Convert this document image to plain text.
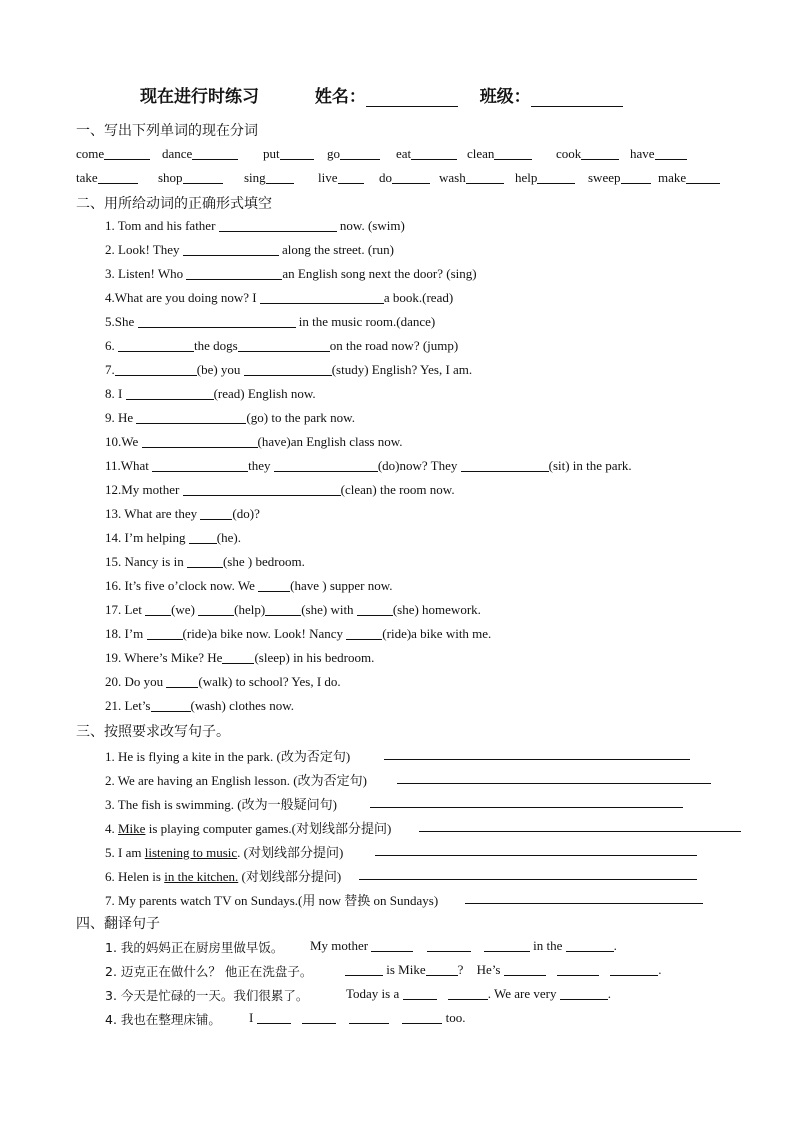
现在进行时练习	姓名：	班级：
一、写出下列单词的现在分词
come	dance	put	go	eat	clean	cook	have
take	shop	sing	live	do	wash	help	sweep	make
二、用所给动词的正确形式填空
1. Tom and his father	now. (swim)
2. Look! They	along the street. (run)
3. Listen! Who	an English song next the door? (sing)
4.What are you doing now? I	a book.(read)
5.She	in the music room.(dance)
6.	the dogs	on the road now? (jump)
7.	(be) you	(study) English? Yes, I am.
8. I	(read) English now.
9. He	(go) to the park now.
10.We	(have)an English class now.
11.What	they	(do)now? They	(sit) in the park.
12.My mother	(clean) the room now.
13. What are they	(do)?
14. I’m helping (he).
15. Nancy is in	(she ) bedroom.
16. It’s five o’clock now. We	(have ) supper now.
17. Let (we)	(help)	(she) with	(she) homework.
18. I’m	(ride)a bike now. Look! Nancy	(ride)a bike with me.
19. Where’s Mike? He (sleep) in his bedroom.
20. Do you	(walk) to school? Yes, I do.
21. Let’s	(wash) clothes now.
三、按照要求改写句子。
1. He is flying a kite in the park. (改为否定句)
2. We are having an English lesson. (改为否定句)
3. The fish is swimming. (改为一般疑问句)
4. Mike is playing computer games.(对划线部分提问)
5. I am listening to music. (对划线部分提问)
6. Helen is in the kitchen. (对划线部分提问)
7. My parents watch TV on Sundays.(用 now 替换 on Sundays)
四、翻译句子
1. 我的妈妈正在厨房里做早饭。 My mother	in the	.
2. 迈克正在做什么？ 他正在洗盘子。	is Mike ? He’s	.
3. 今天是忙碌的一天。我们很累了。	Today is a	. We are very	.
4. 我也在整理床铺。 I	too.
